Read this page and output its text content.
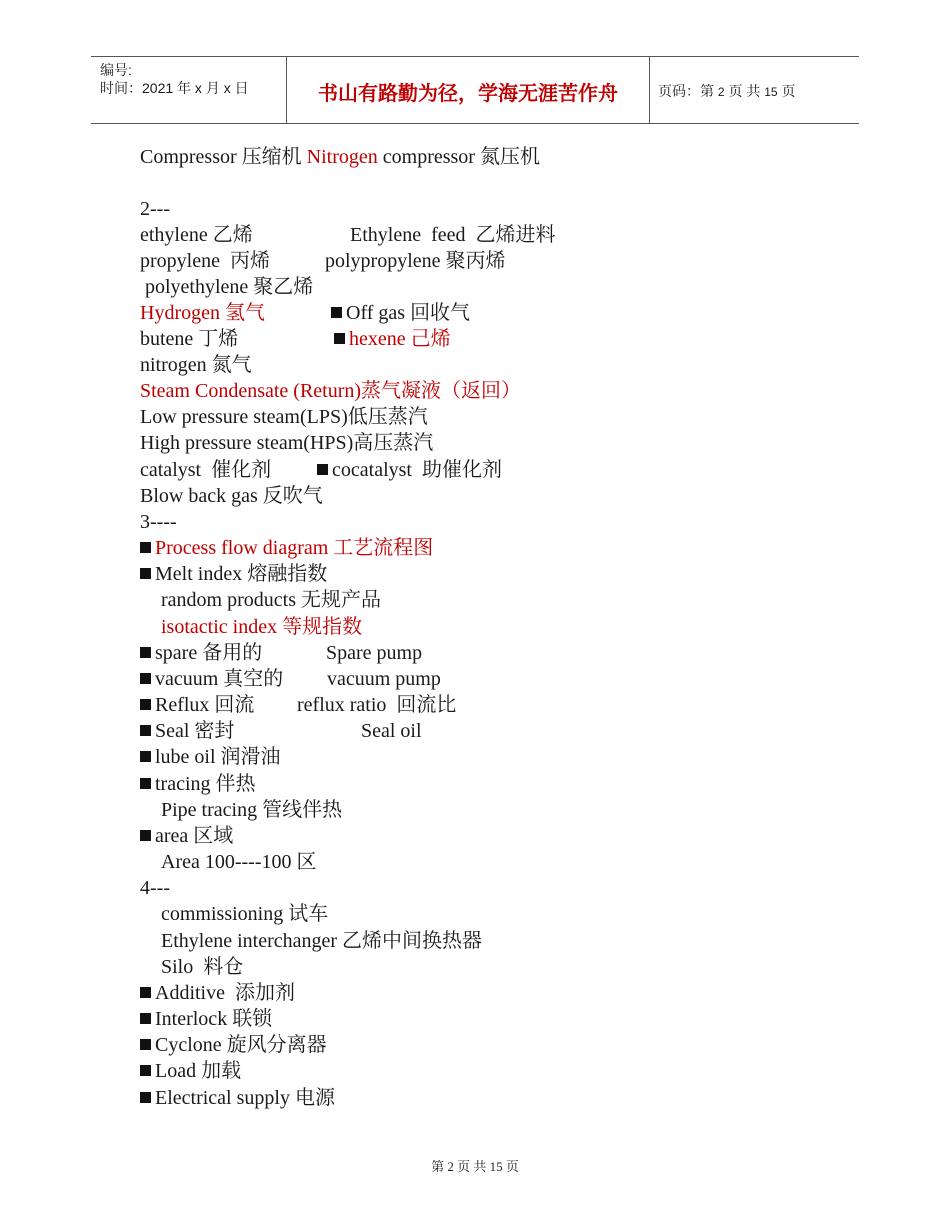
编号:
时间：2021 年 x 月 x 日	书山有路勤为径，学海无涯苦作舟	页码：第 2 页 共 15 页
Compressor 压缩机 Nitrogen compressor 氮压机
2---
ethylene 乙烯	Ethylene  feed  乙烯进料
propylene  丙烯	polypropylene 聚丙烯
polyethylene 聚乙烯
Hydrogen 氢气	Off gas 回收气
butene 丁烯	hexene 己烯
nitrogen 氮气
Steam Condensate (Return)蒸气凝液（返回）
Low pressure steam(LPS)低压蒸汽
High pressure steam(HPS)高压蒸汽
catalyst  催化剂	cocatalyst  助催化剂
Blow back gas 反吹气
3----
Process flow diagram 工艺流程图
Melt index 熔融指数
random products 无规产品
isotactic index 等规指数
spare 备用的	Spare pump
vacuum 真空的 vacuum pump
Reflux 回流 reflux ratio  回流比
Seal 密封	Seal oil
lube oil 润滑油
tracing 伴热
Pipe tracing 管线伴热
area 区域
Area 100----100 区
4---
commissioning 试车
Ethylene interchanger 乙烯中间换热器
Silo  料仓
Additive  添加剂
Interlock 联锁
Cyclone 旋风分离器
Load 加载
Electrical supply 电源
第 2 页 共 15 页
